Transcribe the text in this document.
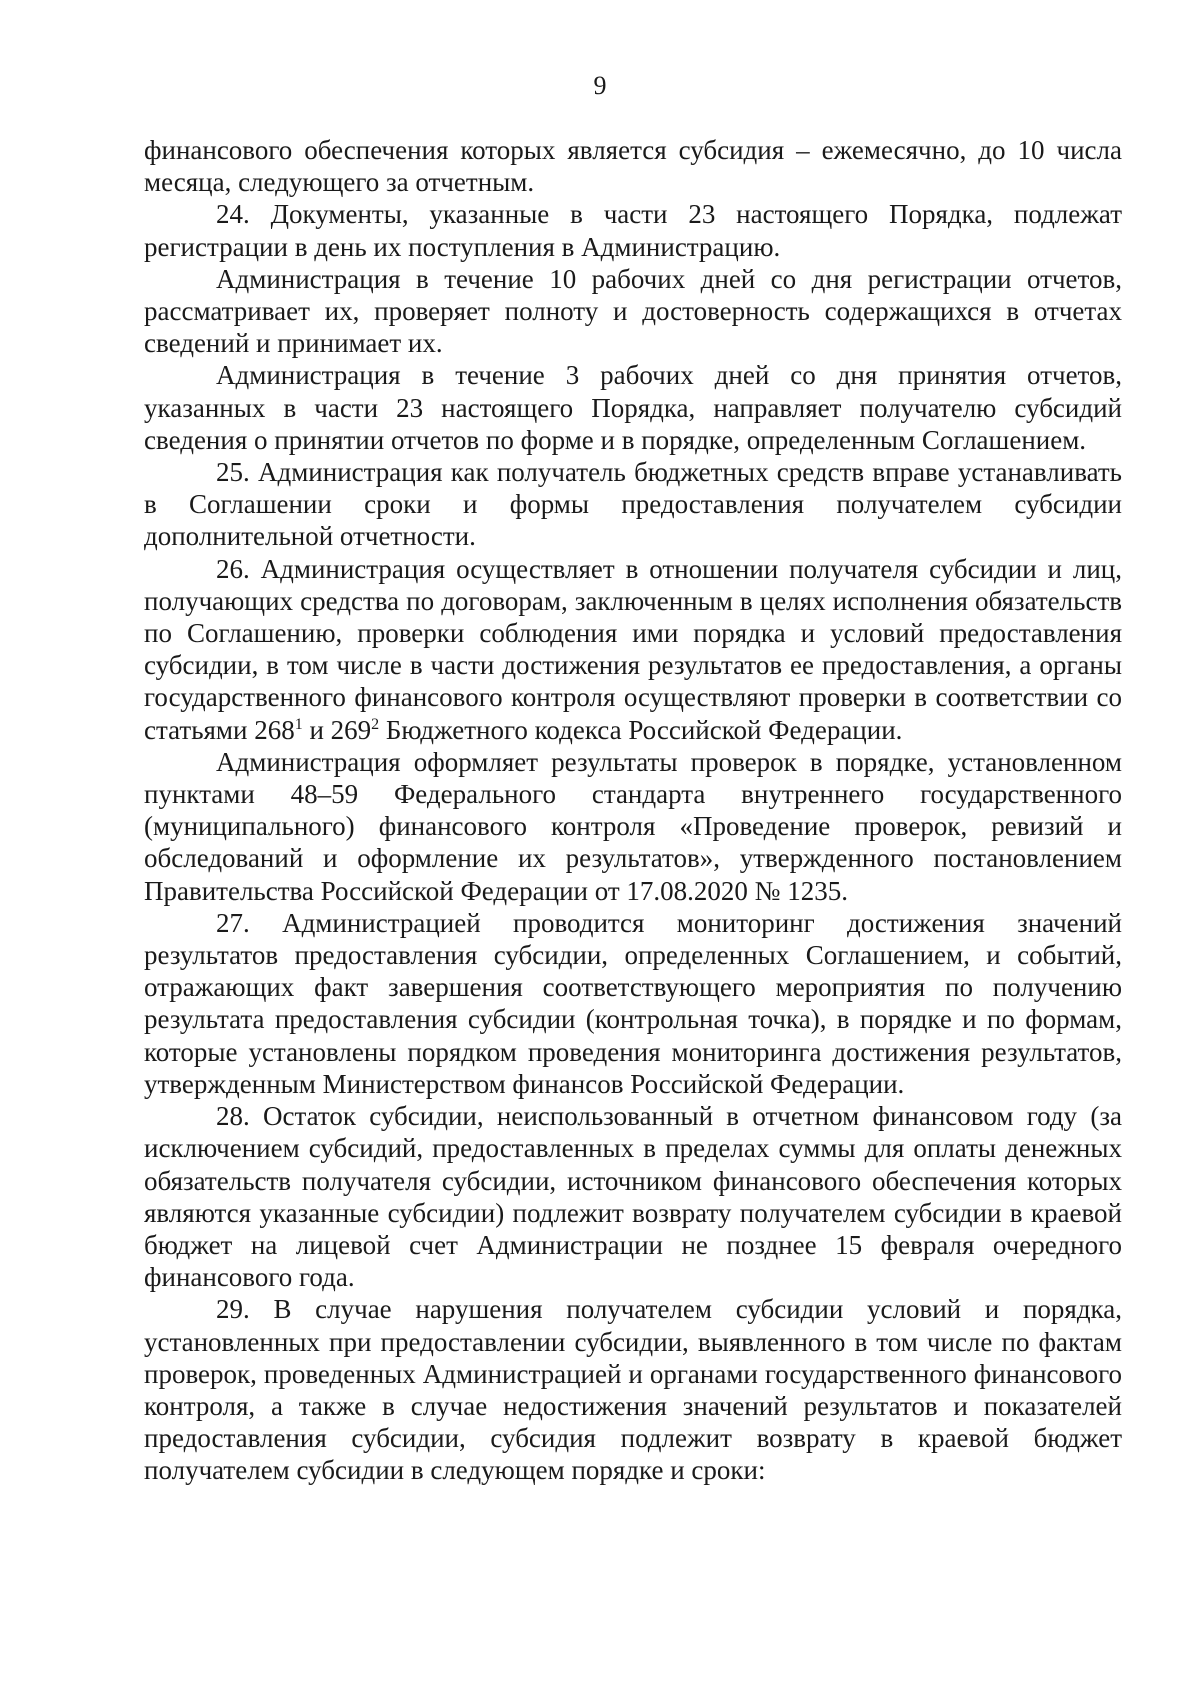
9

финансового обеспечения которых является субсидия – ежемесячно, до 10 числа месяца, следующего за отчетным.

24. Документы, указанные в части 23 настоящего Порядка, подлежат регистрации в день их поступления в Администрацию.

Администрация в течение 10 рабочих дней со дня регистрации отчетов, рассматривает их, проверяет полноту и достоверность содержащихся в отчетах сведений и принимает их.

Администрация в течение 3 рабочих дней со дня принятия отчетов, указанных в части 23 настоящего Порядка, направляет получателю субсидий сведения о принятии отчетов по форме и в порядке, определенным Соглашением.

25. Администрация как получатель бюджетных средств вправе устанавливать в Соглашении сроки и формы предоставления получателем субсидии дополнительной отчетности.

26. Администрация осуществляет в отношении получателя субсидии и лиц, получающих средства по договорам, заключенным в целях исполнения обязательств по Соглашению, проверки соблюдения ими порядка и условий предоставления субсидии, в том числе в части достижения результатов ее предоставления, а органы государственного финансового контроля осуществляют проверки в соответствии со статьями $268^1$ и $269^2$ Бюджетного кодекса Российской Федерации.

Администрация оформляет результаты проверок в порядке, установленном пунктами 48–59 Федерального стандарта внутреннего государственного (муниципального) финансового контроля «Проведение проверок, ревизий и обследований и оформление их результатов», утвержденного постановлением Правительства Российской Федерации от 17.08.2020 № 1235.

27. Администрацией проводится мониторинг достижения значений результатов предоставления субсидии, определенных Соглашением, и событий, отражающих факт завершения соответствующего мероприятия по получению результата предоставления субсидии (контрольная точка), в порядке и по формам, которые установлены порядком проведения мониторинга достижения результатов, утвержденным Министерством финансов Российской Федерации.

28. Остаток субсидии, неиспользованный в отчетном финансовом году (за исключением субсидий, предоставленных в пределах суммы для оплаты денежных обязательств получателя субсидии, источником финансового обеспечения которых являются указанные субсидии) подлежит возврату получателем субсидии в краевой бюджет на лицевой счет Администрации не позднее 15 февраля очередного финансового года.

29. В случае нарушения получателем субсидии условий и порядка, установленных при предоставлении субсидии, выявленного в том числе по фактам проверок, проведенных Администрацией и органами государственного финансового контроля, а также в случае недостижения значений результатов и показателей предоставления субсидии, субсидия подлежит возврату в краевой бюджет получателем субсидии в следующем порядке и сроки:
